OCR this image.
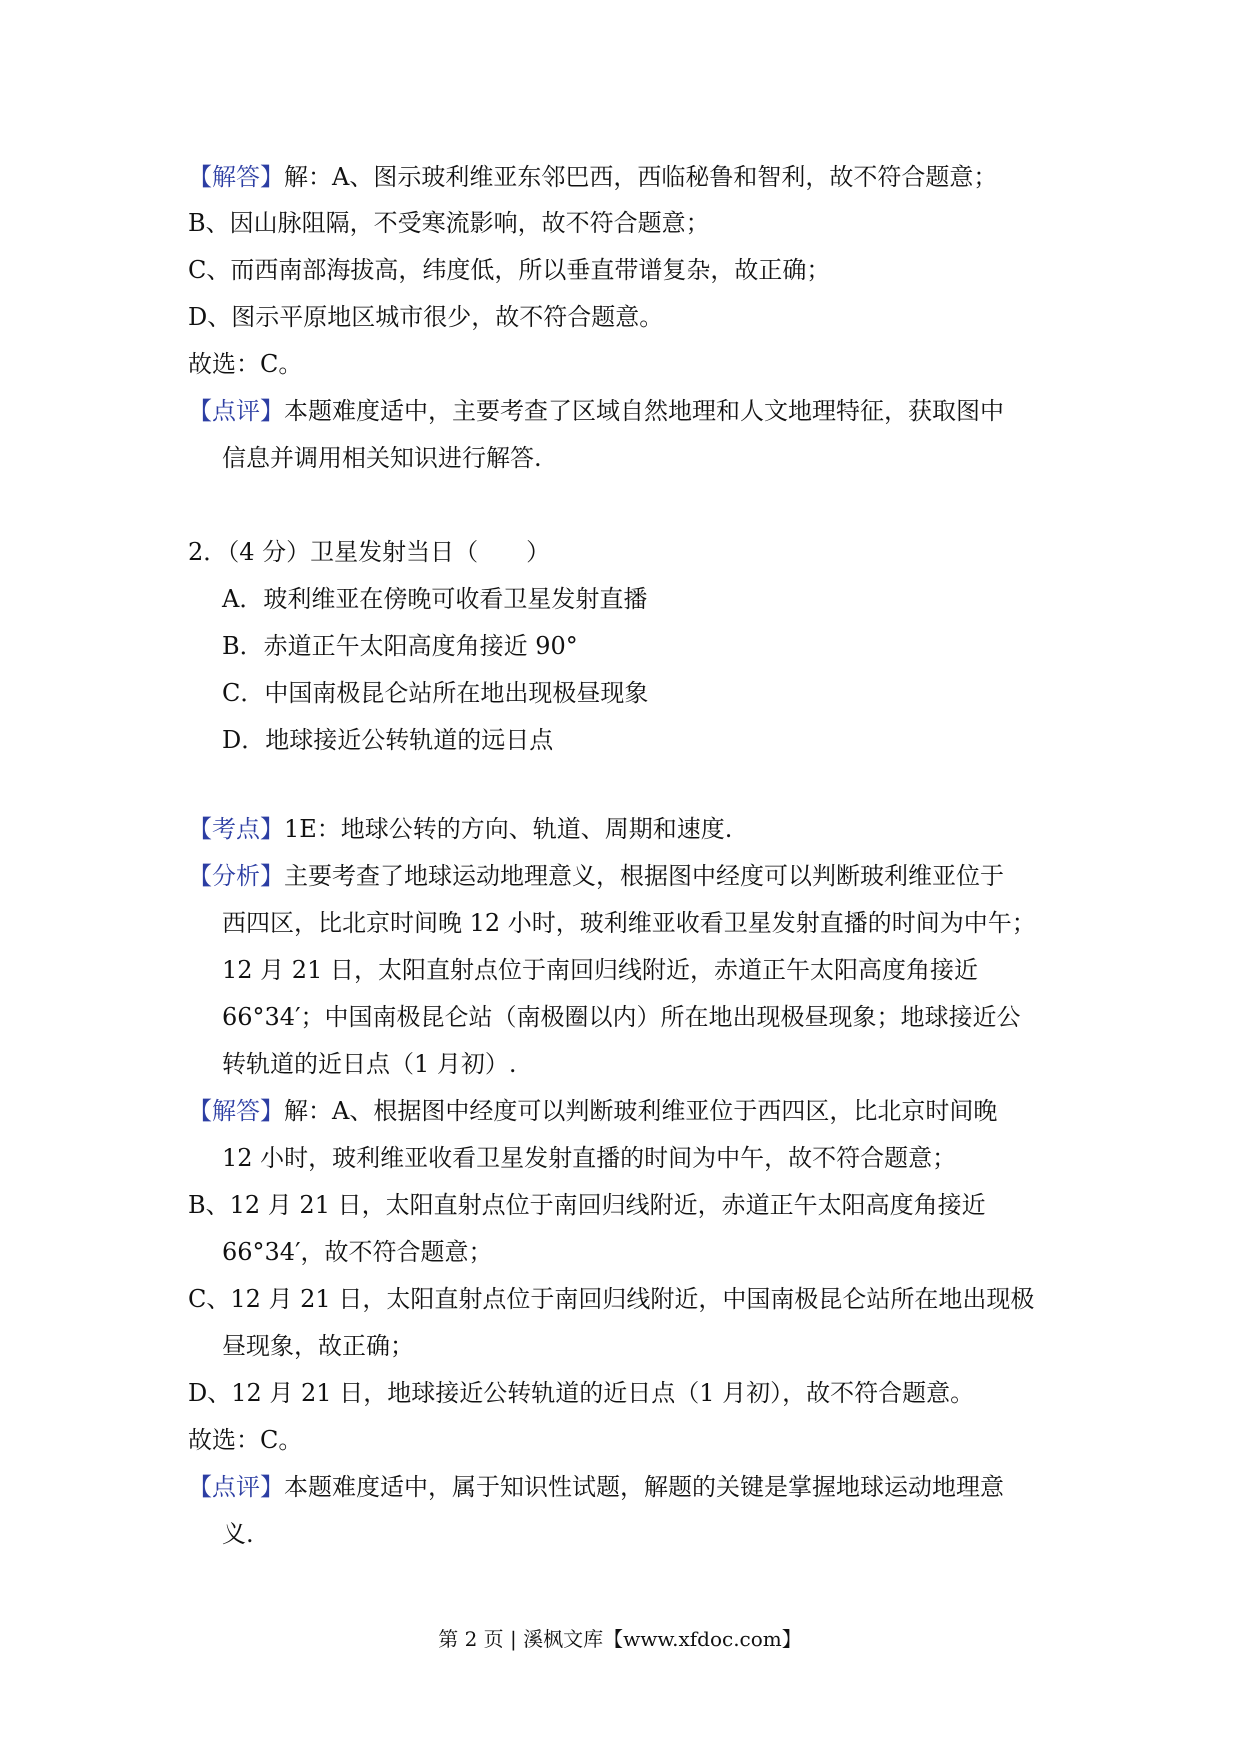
【解答】解：A、图示玻利维亚东邻巴西，西临秘鲁和智利，故不符合题意；
B、因山脉阻隔，不受寒流影响，故不符合题意；
C、而西南部海拔高，纬度低，所以垂直带谱复杂，故正确；
D、图示平原地区城市很少，故不符合题意。
故选：C。
【点评】本题难度适中，主要考查了区域自然地理和人文地理特征，获取图中
信息并调用相关知识进行解答.
2．（4 分）卫星发射当日（　　）
A．玻利维亚在傍晚可收看卫星发射直播
B．赤道正午太阳高度角接近 90°
C．中国南极昆仑站所在地出现极昼现象
D．地球接近公转轨道的远日点
【考点】1E：地球公转的方向、轨道、周期和速度.
【分析】主要考查了地球运动地理意义，根据图中经度可以判断玻利维亚位于
西四区，比北京时间晚 12 小时，玻利维亚收看卫星发射直播的时间为中午；
12 月 21 日，太阳直射点位于南回归线附近，赤道正午太阳高度角接近
66°34′；中国南极昆仑站（南极圈以内）所在地出现极昼现象；地球接近公
转轨道的近日点（1 月初）.
【解答】解：A、根据图中经度可以判断玻利维亚位于西四区，比北京时间晚
12 小时，玻利维亚收看卫星发射直播的时间为中午，故不符合题意；
B、12 月 21 日，太阳直射点位于南回归线附近，赤道正午太阳高度角接近
66°34′，故不符合题意；
C、12 月 21 日，太阳直射点位于南回归线附近，中国南极昆仑站所在地出现极
昼现象，故正确；
D、12 月 21 日，地球接近公转轨道的近日点（1 月初），故不符合题意。
故选：C。
【点评】本题难度适中，属于知识性试题，解题的关键是掌握地球运动地理意
义.
第 2 页 | 溪枫文库【www.xfdoc.com】
